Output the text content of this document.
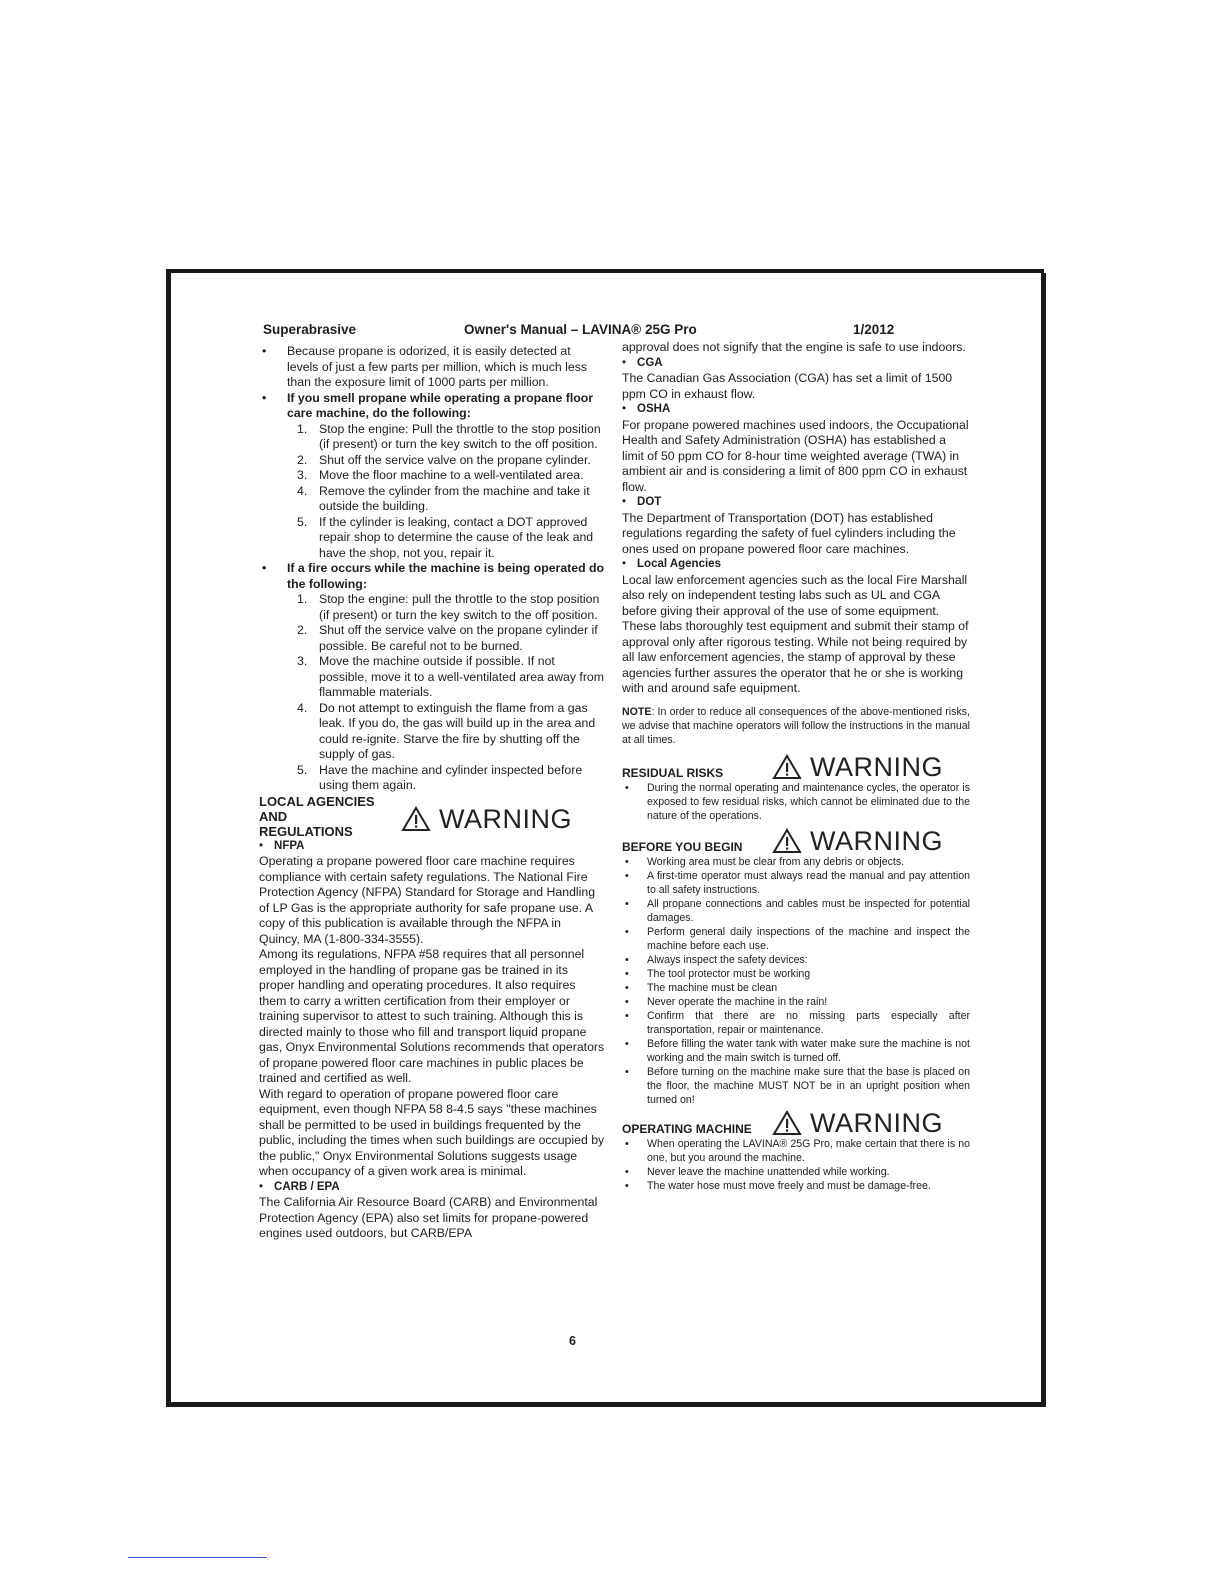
Superabrasive	Owner's Manual – LAVINA® 25G Pro	1/2012
• Because propane is odorized, it is easily detected at levels of just a few parts per million, which is much less than the exposure limit of 1000 parts per million.
• If you smell propane while operating a propane floor care machine, do the following:
1. Stop the engine: Pull the throttle to the stop position (if present) or turn the key switch to the off position.
2. Shut off the service valve on the propane cylinder.
3. Move the floor machine to a well-ventilated area.
4. Remove the cylinder from the machine and take it outside the building.
5. If the cylinder is leaking, contact a DOT approved repair shop to determine the cause of the leak and have the shop, not you, repair it.
• If a fire occurs while the machine is being operated do the following:
1. Stop the engine: pull the throttle to the stop position (if present) or turn the key switch to the off position.
2. Shut off the service valve on the propane cylinder if possible. Be careful not to be burned.
3. Move the machine outside if possible. If not possible, move it to a well-ventilated area away from flammable materials.
4. Do not attempt to extinguish the flame from a gas leak. If you do, the gas will build up in the area and could re-ignite. Starve the fire by shutting off the supply of gas.
5. Have the machine and cylinder inspected before using them again.
LOCAL AGENCIES
AND
REGULATIONS	WARNING
• NFPA
Operating a propane powered floor care machine requires compliance with certain safety regulations. The National Fire Protection Agency (NFPA) Standard for Storage and Handling of LP Gas is the appropriate authority for safe propane use. A copy of this publication is available through the NFPA in Quincy, MA (1-800-334-3555).
Among its regulations, NFPA #58 requires that all personnel employed in the handling of propane gas be trained in its proper handling and operating procedures. It also requires them to carry a written certification from their employer or training supervisor to attest to such training. Although this is directed mainly to those who fill and transport liquid propane gas, Onyx Environmental Solutions recommends that operators of propane powered floor care machines in public places be trained and certified as well.
With regard to operation of propane powered floor care equipment, even though NFPA 58 8-4.5 says "these machines shall be permitted to be used in buildings frequented by the public, including the times when such buildings are occupied by the public," Onyx Environmental Solutions suggests usage when occupancy of a given work area is minimal.
• CARB / EPA
The California Air Resource Board (CARB) and Environmental Protection Agency (EPA) also set limits for propane-powered engines used outdoors, but CARB/EPA
approval does not signify that the engine is safe to use indoors.
• CGA
The Canadian Gas Association (CGA) has set a limit of 1500 ppm CO in exhaust flow.
• OSHA
For propane powered machines used indoors, the Occupational Health and Safety Administration (OSHA) has established a limit of 50 ppm CO for 8-hour time weighted average (TWA) in ambient air and is considering a limit of 800 ppm CO in exhaust flow.
• DOT
The Department of Transportation (DOT) has established regulations regarding the safety of fuel cylinders including the ones used on propane powered floor care machines.
• Local Agencies
Local law enforcement agencies such as the local Fire Marshall also rely on independent testing labs such as UL and CGA before giving their approval of the use of some equipment. These labs thoroughly test equipment and submit their stamp of approval only after rigorous testing. While not being required by all law enforcement agencies, the stamp of approval by these agencies further assures the operator that he or she is working with and around safe equipment.
NOTE: In order to reduce all consequences of the above-mentioned risks, we advise that machine operators will follow the instructions in the manual at all times.
RESIDUAL RISKS	WARNING
• During the normal operating and maintenance cycles, the operator is exposed to few residual risks, which cannot be eliminated due to the nature of the operations.
BEFORE YOU BEGIN	WARNING
• Working area must be clear from any debris or objects.
• A first-time operator must always read the manual and pay attention to all safety instructions.
• All propane connections and cables must be inspected for potential damages.
• Perform general daily inspections of the machine and inspect the machine before each use.
• Always inspect the safety devices:
• The tool protector must be working
• The machine must be clean
• Never operate the machine in the rain!
• Confirm that there are no missing parts especially after transportation, repair or maintenance.
• Before filling the water tank with water make sure the machine is not working and the main switch is turned off.
• Before turning on the machine make sure that the base is placed on the floor, the machine MUST NOT be in an upright position when turned on!
OPERATING MACHINE	WARNING
• When operating the LAVINA® 25G Pro, make certain that there is no one, but you around the machine.
• Never leave the machine unattended while working.
• The water hose must move freely and must be damage-free.
6
